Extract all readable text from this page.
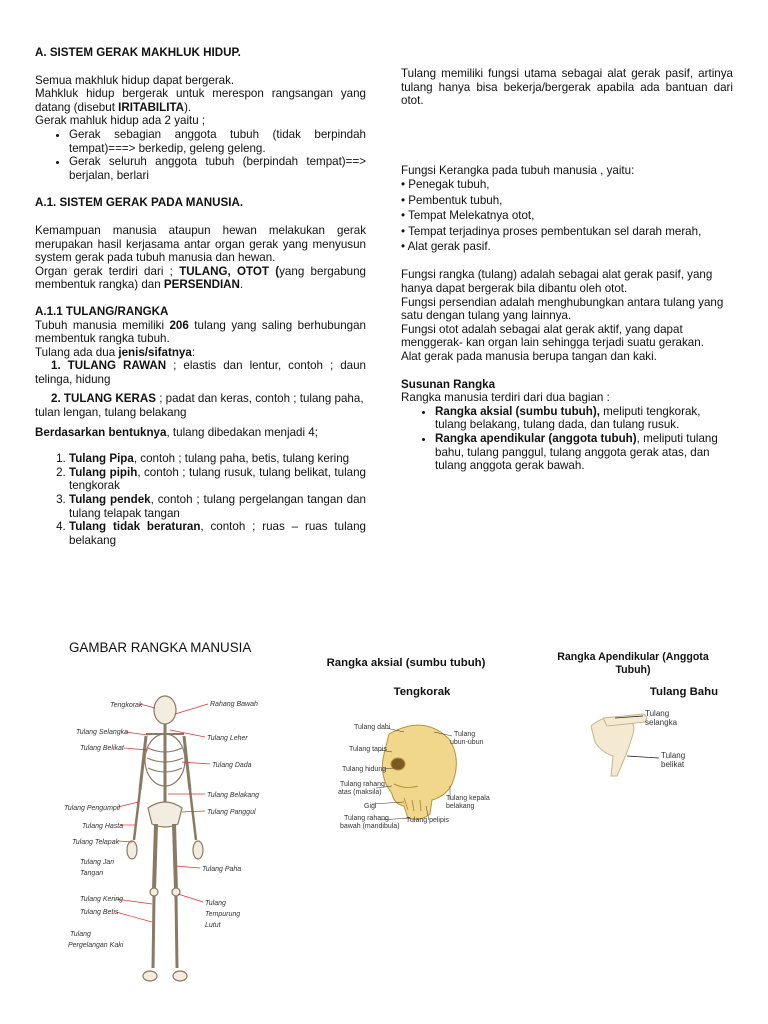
A. SISTEM GERAK MAKHLUK HIDUP.

Semua makhluk hidup dapat bergerak.

Mahkluk hidup bergerak untuk merespon rangsangan yang datang (disebut IRITABILITA).

Gerak mahluk hidup ada 2 yaitu ;

• Gerak sebagian anggota tubuh (tidak berpindah tempat)===> berkedip, geleng geleng.
• Gerak seluruh anggota tubuh (berpindah tempat)==> berjalan, berlari

A.1. SISTEM GERAK PADA MANUSIA.

Kemampuan manusia ataupun hewan melakukan gerak merupakan hasil kerjasama antar organ gerak yang menyusun system gerak pada tubuh manusia dan hewan.

Organ gerak terdiri dari ; TULANG, OTOT (yang bergabung membentuk rangka) dan PERSENDIAN.

A.1.1 TULANG/RANGKA

Tubuh manusia memiliki 206 tulang yang saling berhubungan membentuk rangka tubuh.

Tulang ada dua jenis/sifatnya:

1. TULANG RAWAN ; elastis dan lentur, contoh ; daun telinga, hidung

2. TULANG KERAS ; padat dan keras, contoh ; tulang paha, tulan lengan, tulang belakang

Berdasarkan bentuknya, tulang dibedakan menjadi 4;

1. Tulang Pipa, contoh ; tulang paha, betis, tulang kering
2. Tulang pipih, contoh ; tulang rusuk, tulang belikat, tulang tengkorak
3. Tulang pendek, contoh ; tulang pergelangan tangan dan tulang telapak tangan
4. Tulang tidak beraturan, contoh ; ruas – ruas tulang belakang

Tulang memiliki fungsi utama sebagai alat gerak pasif, artinya tulang hanya bisa bekerja/bergerak apabila ada bantuan dari otot.

Fungsi Kerangka pada tubuh manusia , yaitu:

• Penegak tubuh,
• Pembentuk tubuh,
• Tempat Melekatnya otot,
• Tempat terjadinya proses pembentukan sel darah merah,
• Alat gerak pasif.

Fungsi rangka (tulang) adalah sebagai alat gerak pasif, yang hanya dapat bergerak bila dibantu oleh otot.

Fungsi persendian adalah menghubungkan antara tulang yang satu dengan tulang yang lainnya.

Fungsi otot adalah sebagai alat gerak aktif, yang dapat menggerak- kan organ lain sehingga terjadi suatu gerakan.

Alat gerak pada manusia berupa tangan dan kaki.

Susunan Rangka

Rangka manusia terdiri dari dua bagian :

• Rangka aksial (sumbu tubuh), meliputi tengkorak, tulang belakang, tulang dada, dan tulang rusuk.
• Rangka apendikular (anggota tubuh), meliputi tulang bahu, tulang panggul, tulang anggota gerak atas, dan tulang anggota gerak bawah.
GAMBAR RANGKA MANUSIA
Rangka aksial (sumbu tubuh)	Rangka Apendikular (Anggota Tubuh)
Tengkorak	Tulang Bahu
Tengkorak
Tulang Selangka
Tulang Belikat
Tulang Pengumpil
Tulang Hasta
Tulang Telapak
Tulang Jari
Tangan
Tulang Kering
Tulang Betis
Tulang
Pergelangan Kaki
Rahang Bawah
Tulang Leher
Tulang Dada
Tulang Belakang
Tulang Panggul
Tulang Paha
Tulang
Tempurung
Lutut
Tulang dahi
Tulang tapis
Tulang hidung
Tulang rahang
atas (maksila)
Gigi
Tulang rahang
bawah (mandibula)
Tulang
ubun-ubun
Tulang kepala
belakang
Tulang pelipis
Tulang
selangka
Tulang
belikat
